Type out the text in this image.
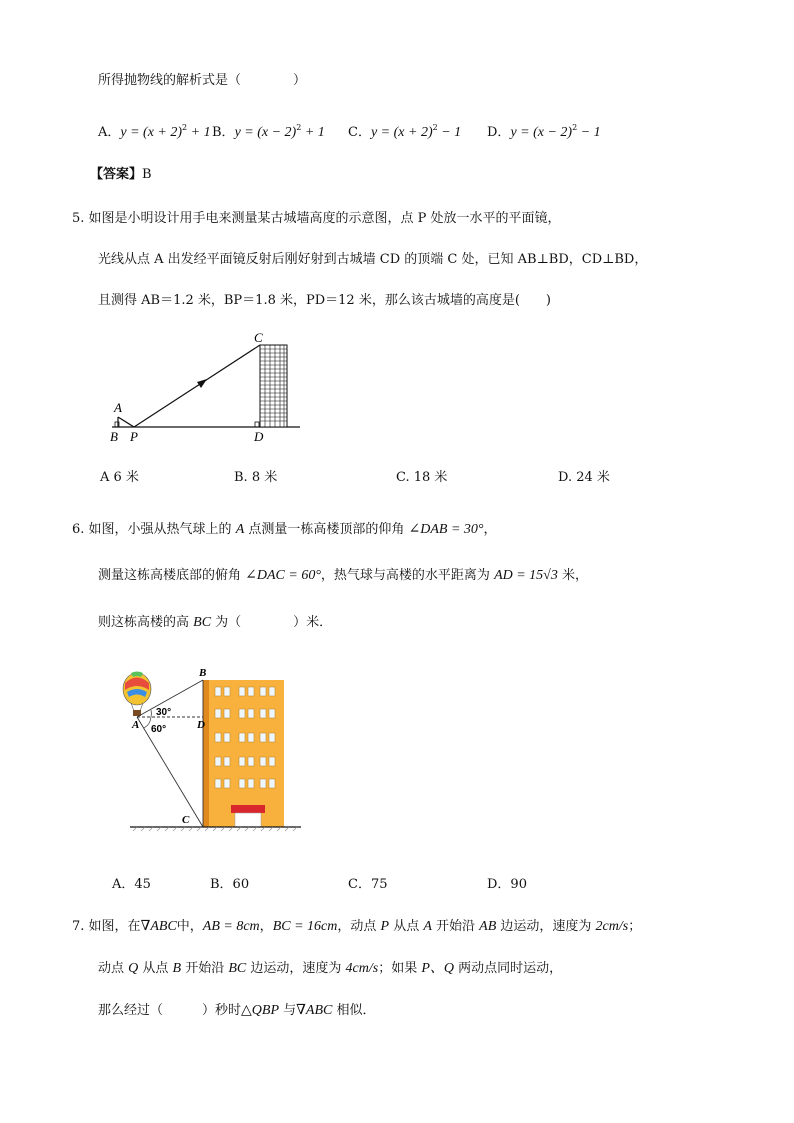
所得抛物线的解析式是（　　　　）
A．$y = (x + 2)^2 + 1$ B．$y = (x - 2)^2 + 1$ C．$y = (x + 2)^2 - 1$ D．$y = (x - 2)^2 - 1$
【答案】B
5. 如图是小明设计用手电来测量某古城墙高度的示意图，点 P 处放一水平的平面镜，
光线从点 A 出发经平面镜反射后刚好射到古城墙 CD 的顶端 C 处，已知 AB⊥BD，CD⊥BD，
且测得 AB＝1.2 米，BP＝1.8 米，PD＝12 米，那么该古城墙的高度是(　　)
A
B P
C
D
A 6 米	B. 8 米	C. 18 米	D. 24 米
6. 如图，小强从热气球上的 A 点测量一栋高楼顶部的仰角 ∠DAB = 30°，
测量这栋高楼底部的俯角 ∠DAC = 60°，热气球与高楼的水平距离为 AD = 15√3 米，
则这栋高楼的高 BC 为（　　　　）米．
30°
60°
A
B
D
C
A．45	B．60	C．75	D．90
7. 如图，在∇ABC中，AB = 8cm，BC = 16cm，动点 P 从点 A 开始沿 AB 边运动，速度为 2cm/s；
动点 Q 从点 B 开始沿 BC 边运动，速度为 4cm/s；如果 P、Q 两动点同时运动，
那么经过（　　　）秒时△QBP 与∇ABC 相似．
